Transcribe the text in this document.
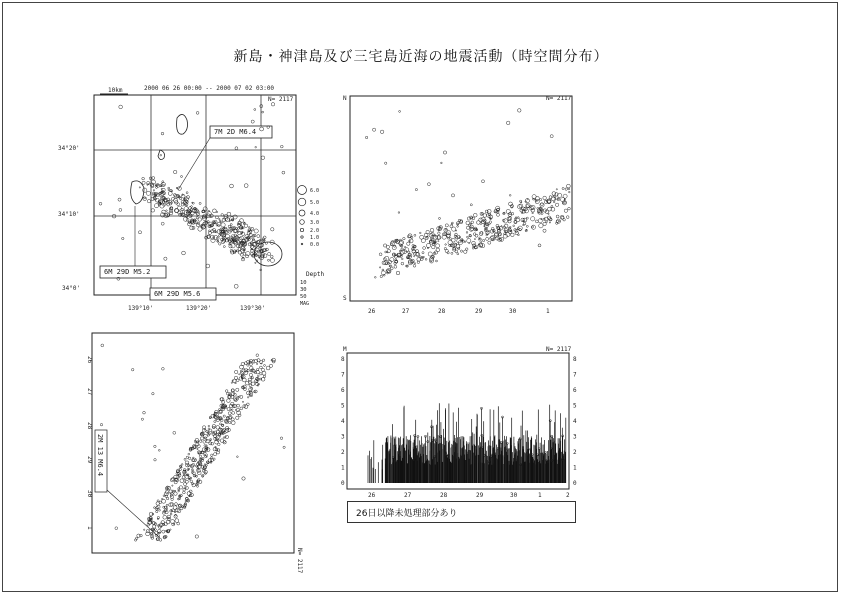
新島・神津島及び三宅島近海の地震活動（時空間分布）
2000 06 26 00:00 -- 2000 07 02 03:00
N= 2117
10km
34°20'
34°10'
34°0'
139°10'	139°20'	139°30'
7M 2D M6.4
6M 29D M5.2
6M 29D M5.6
Depth
10
30
50
6.0
5.0
4.0
3.0
2.0
1.0
0.0
MAG
N= 2117
N
S
26	27	28	29	30	1
N= 2117
26
27
28
29
30
1
2M 13 M6.4
M	N= 2117
0	0
1	1
2	2
3	3
4	4
5	5
6	6
7	7
8	8
26	27	28	29	30	1	2
26日以降未処理部分あり
